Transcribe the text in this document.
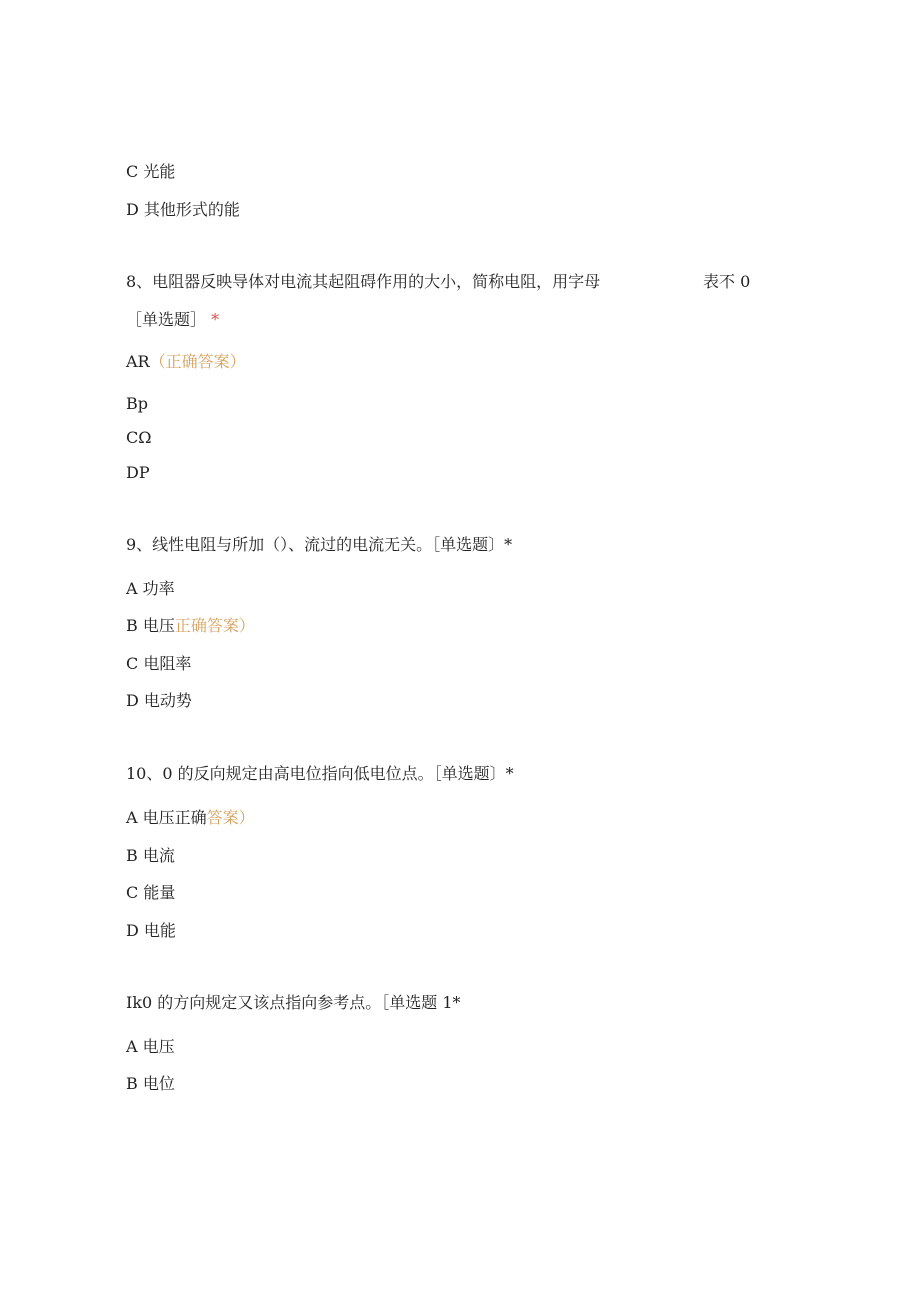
C 光能
D 其他形式的能
8、电阻器反映导体对电流其起阻碍作用的大小，简称电阻，用字母	表不 0
［单选题］ *
AR（正确答案）
Bp
CΩ
DP
9、线性电阻与所加（）、流过的电流无关。［单选题〕*
A 功率
B 电压正确答案）
C 电阻率
D 电动势
10、0 的反向规定由高电位指向低电位点。［单选题〕*
A 电压正确答案）
B 电流
C 能量
D 电能
Ik0 的方向规定又该点指向参考点。［单选题 1*
A 电压
B 电位
